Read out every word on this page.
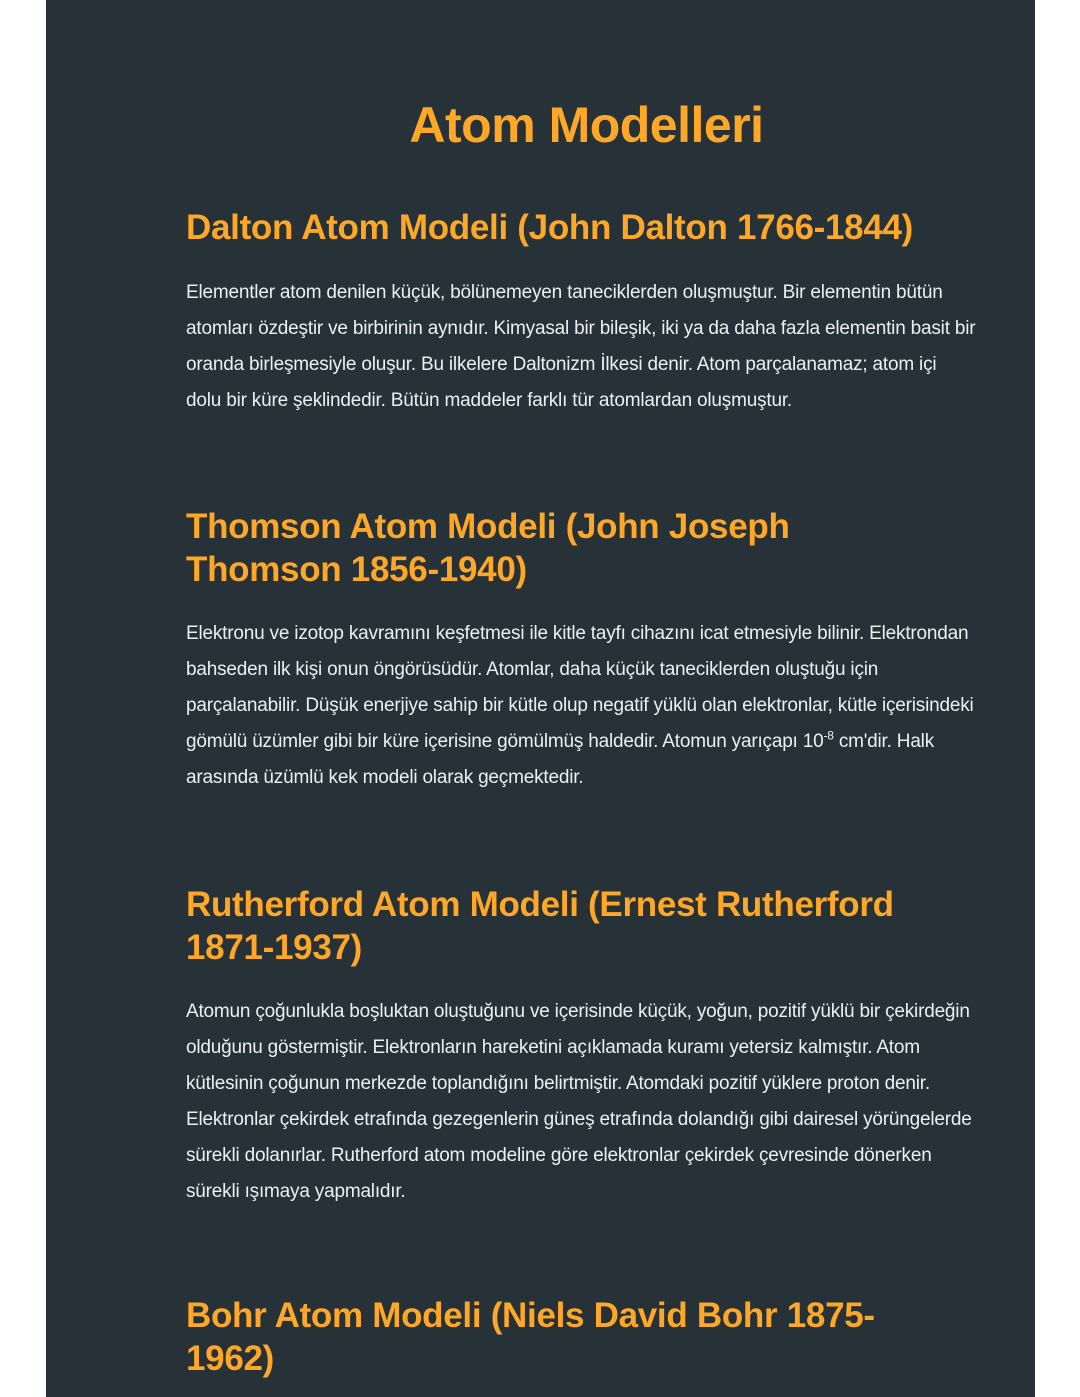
Atom Modelleri
Dalton Atom Modeli (John Dalton 1766-1844)

Elementler atom denilen küçük, bölünemeyen taneciklerden oluşmuştur. Bir elementin bütün atomları özdeştir ve birbirinin aynıdır. Kimyasal bir bileşik, iki ya da daha fazla elementin basit bir oranda birleşmesiyle oluşur. Bu ilkelere Daltonizm İlkesi denir. Atom parçalanamaz; atom içi dolu bir küre şeklindedir. Bütün maddeler farklı tür atomlardan oluşmuştur.

Thomson Atom Modeli (John Joseph Thomson 1856-1940)

Elektronu ve izotop kavramını keşfetmesi ile kitle tayfı cihazını icat etmesiyle bilinir. Elektrondan bahseden ilk kişi onun öngörüsüdür. Atomlar, daha küçük taneciklerden oluştuğu için parçalanabilir. Düşük enerjiye sahip bir kütle olup negatif yüklü olan elektronlar, kütle içerisindeki gömülü üzümler gibi bir küre içerisine gömülmüş haldedir. Atomun yarıçapı $10^{-8}$ cm'dir. Halk arasında üzümlü kek modeli olarak geçmektedir.

Rutherford Atom Modeli (Ernest Rutherford 1871-1937)

Atomun çoğunlukla boşluktan oluştuğunu ve içerisinde küçük, yoğun, pozitif yüklü bir çekirdeğin olduğunu göstermiştir. Elektronların hareketini açıklamada kuramı yetersiz kalmıştır. Atom kütlesinin çoğunun merkezde toplandığını belirtmiştir. Atomdaki pozitif yüklere proton denir. Elektronlar çekirdek etrafında gezegenlerin güneş etrafında dolandığı gibi dairesel yörüngelerde sürekli dolanırlar. Rutherford atom modeline göre elektronlar çekirdek çevresinde dönerken sürekli ışımaya yapmalıdır.

Bohr Atom Modeli (Niels David Bohr 1875-1962)
